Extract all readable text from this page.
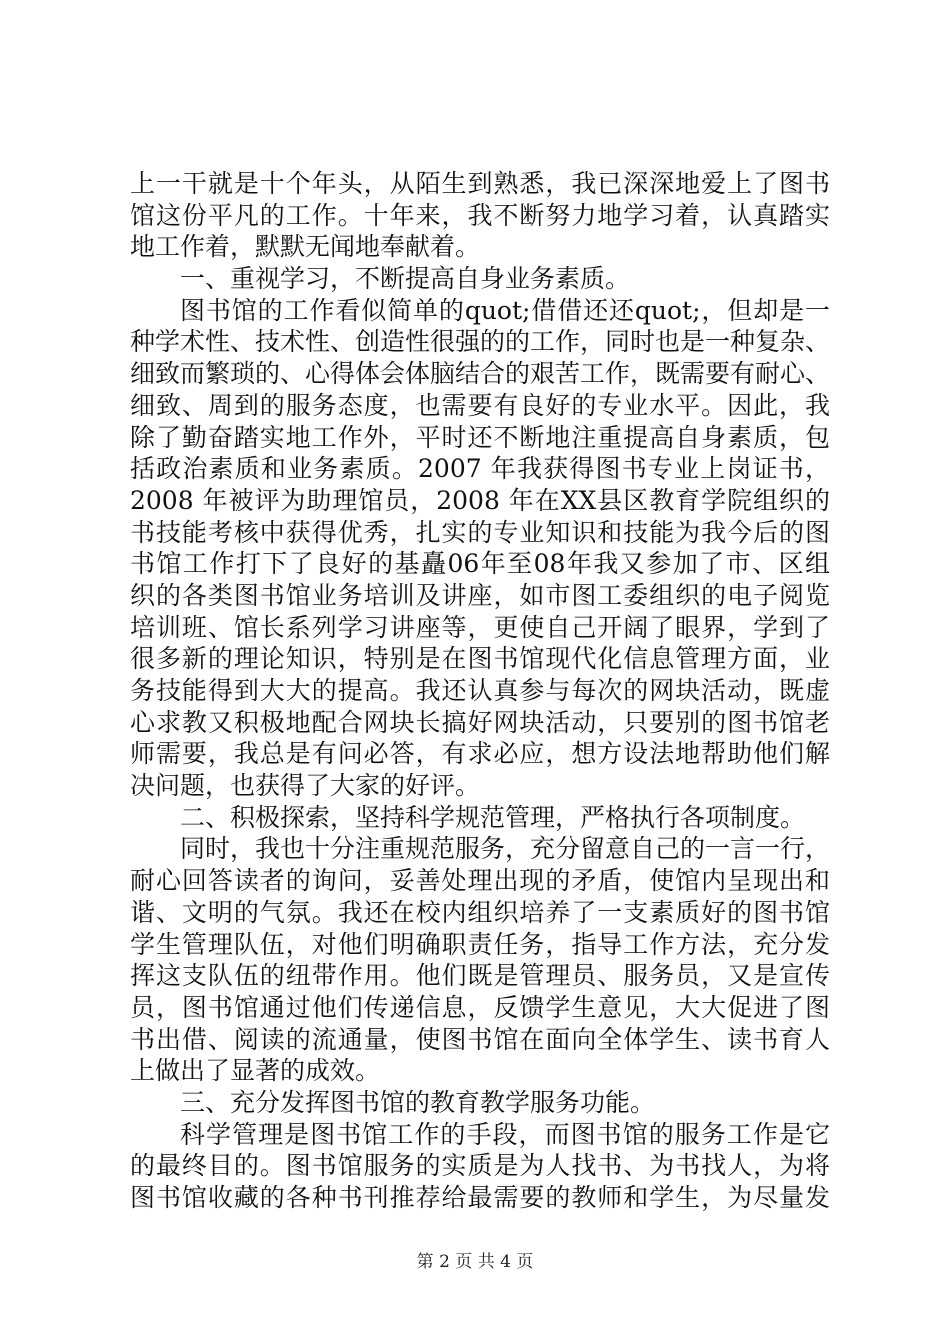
上一干就是十个年头，从陌生到熟悉，我已深深地爱上了图书
馆这份平凡的工作。十年来，我不断努力地学习着，认真踏实
地工作着，默默无闻地奉献着。
一、重视学习，不断提高自身业务素质。
图书馆的工作看似简单的quot;借借还还quot;，但却是一
种学术性、技术性、创造性很强的的工作，同时也是一种复杂、
细致而繁琐的、心得体会体脑结合的艰苦工作，既需要有耐心、
细致、周到的服务态度，也需要有良好的专业水平。因此，我
除了勤奋踏实地工作外，平时还不断地注重提高自身素质，包
括政治素质和业务素质。2007 年我获得图书专业上岗证书，
2008 年被评为助理馆员，2008 年在XX县区教育学院组织的
书技能考核中获得优秀，扎实的专业知识和技能为我今后的图
书馆工作打下了良好的基矗06年至08年我又参加了市、区组
织的各类图书馆业务培训及讲座，如市图工委组织的电子阅览
培训班、馆长系列学习讲座等，更使自己开阔了眼界，学到了
很多新的理论知识，特别是在图书馆现代化信息管理方面，业
务技能得到大大的提高。我还认真参与每次的网块活动，既虚
心求教又积极地配合网块长搞好网块活动，只要别的图书馆老
师需要，我总是有问必答，有求必应，想方设法地帮助他们解
决问题，也获得了大家的好评。
二、积极探索，坚持科学规范管理，严格执行各项制度。
同时，我也十分注重规范服务，充分留意自己的一言一行，
耐心回答读者的询问，妥善处理出现的矛盾，使馆内呈现出和
谐、文明的气氛。我还在校内组织培养了一支素质好的图书馆
学生管理队伍，对他们明确职责任务，指导工作方法，充分发
挥这支队伍的纽带作用。他们既是管理员、服务员，又是宣传
员，图书馆通过他们传递信息，反馈学生意见，大大促进了图
书出借、阅读的流通量，使图书馆在面向全体学生、读书育人
上做出了显著的成效。
三、充分发挥图书馆的教育教学服务功能。
科学管理是图书馆工作的手段，而图书馆的服务工作是它
的最终目的。图书馆服务的实质是为人找书、为书找人，为将
图书馆收藏的各种书刊推荐给最需要的教师和学生，为尽量发
第 2 页 共 4 页
